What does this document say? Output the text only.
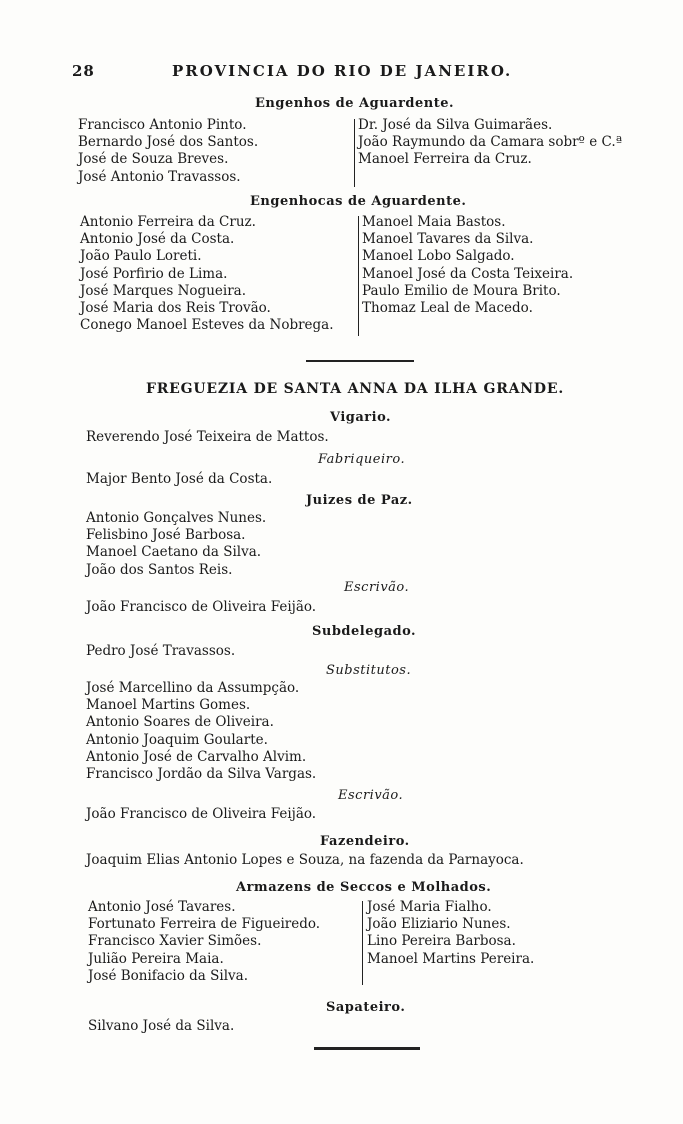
28	PROVINCIA DO RIO DE JANEIRO.
Engenhos de Aguardente.
Francisco Antonio Pinto.
Bernardo José dos Santos.
José de Souza Breves.
José Antonio Travassos.
Dr. José da Silva Guimarães.
João Raymundo da Camara sobrº e C.ª
Manoel Ferreira da Cruz.
Engenhocas de Aguardente.
Antonio Ferreira da Cruz.
Antonio José da Costa.
João Paulo Loreti.
José Porfirio de Lima.
José Marques Nogueira.
José Maria dos Reis Trovão.
Conego Manoel Esteves da Nobrega.
Manoel Maia Bastos.
Manoel Tavares da Silva.
Manoel Lobo Salgado.
Manoel José da Costa Teixeira.
Paulo Emilio de Moura Brito.
Thomaz Leal de Macedo.
FREGUEZIA DE SANTA ANNA DA ILHA GRANDE.
Vigario.
Reverendo José Teixeira de Mattos.
Fabriqueiro.
Major Bento José da Costa.
Juizes de Paz.
Antonio Gonçalves Nunes.
Felisbino José Barbosa.
Manoel Caetano da Silva.
João dos Santos Reis.
Escrivão.
João Francisco de Oliveira Feijão.
Subdelegado.
Pedro José Travassos.
Substitutos.
José Marcellino da Assumpção.
Manoel Martins Gomes.
Antonio Soares de Oliveira.
Antonio Joaquim Goularte.
Antonio José de Carvalho Alvim.
Francisco Jordão da Silva Vargas.
Escrivão.
João Francisco de Oliveira Feijão.
Fazendeiro.
Joaquim Elias Antonio Lopes e Souza, na fazenda da Parnayoca.
Armazens de Seccos e Molhados.
Antonio José Tavares.
Fortunato Ferreira de Figueiredo.
Francisco Xavier Simões.
Julião Pereira Maia.
José Bonifacio da Silva.
José Maria Fialho.
João Eliziario Nunes.
Lino Pereira Barbosa.
Manoel Martins Pereira.
Sapateiro.
Silvano José da Silva.
